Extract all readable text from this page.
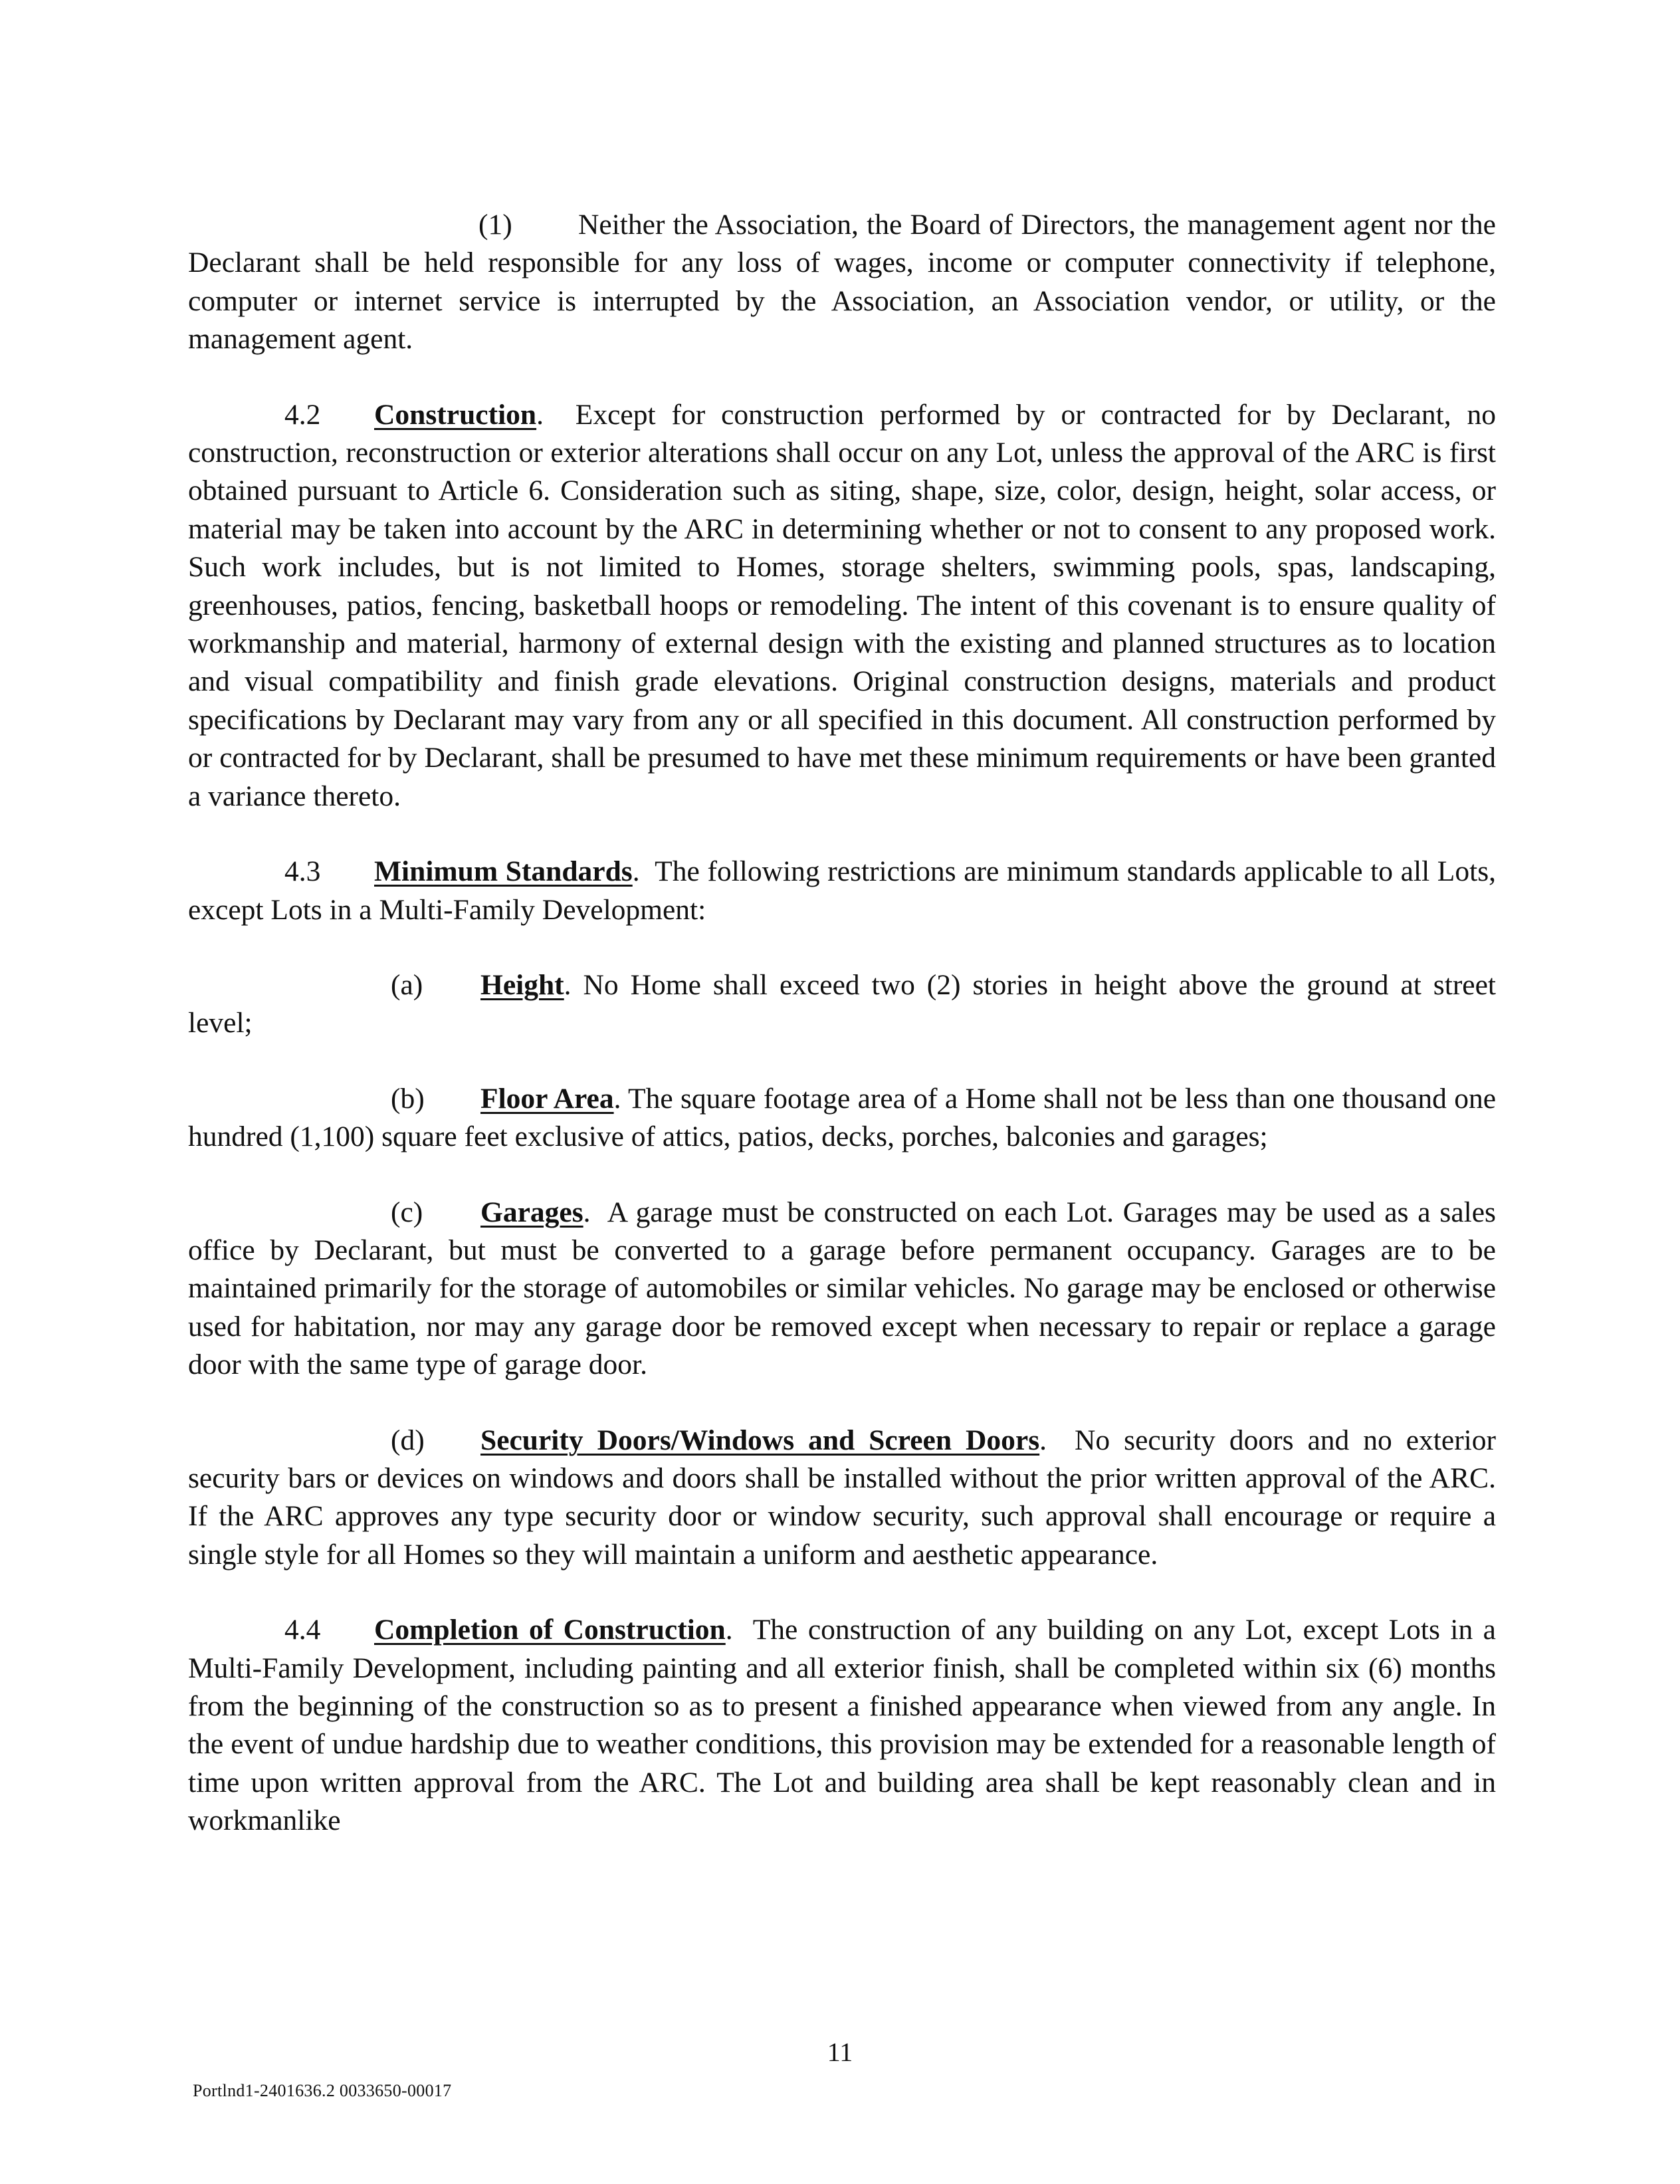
(1) Neither the Association, the Board of Directors, the management agent nor the Declarant shall be held responsible for any loss of wages, income or computer connectivity if telephone, computer or internet service is interrupted by the Association, an Association vendor, or utility, or the management agent.

4.2 Construction. Except for construction performed by or contracted for by Declarant, no construction, reconstruction or exterior alterations shall occur on any Lot, unless the approval of the ARC is first obtained pursuant to Article 6. Consideration such as siting, shape, size, color, design, height, solar access, or material may be taken into account by the ARC in determining whether or not to consent to any proposed work. Such work includes, but is not limited to Homes, storage shelters, swimming pools, spas, landscaping, greenhouses, patios, fencing, basketball hoops or remodeling. The intent of this covenant is to ensure quality of workmanship and material, harmony of external design with the existing and planned structures as to location and visual compatibility and finish grade elevations. Original construction designs, materials and product specifications by Declarant may vary from any or all specified in this document. All construction performed by or contracted for by Declarant, shall be presumed to have met these minimum requirements or have been granted a variance thereto.

4.3 Minimum Standards. The following restrictions are minimum standards applicable to all Lots, except Lots in a Multi-Family Development:

(a) Height. No Home shall exceed two (2) stories in height above the ground at street level;

(b) Floor Area. The square footage area of a Home shall not be less than one thousand one hundred (1,100) square feet exclusive of attics, patios, decks, porches, balconies and garages;

(c) Garages. A garage must be constructed on each Lot. Garages may be used as a sales office by Declarant, but must be converted to a garage before permanent occupancy. Garages are to be maintained primarily for the storage of automobiles or similar vehicles. No garage may be enclosed or otherwise used for habitation, nor may any garage door be removed except when necessary to repair or replace a garage door with the same type of garage door.

(d) Security Doors/Windows and Screen Doors. No security doors and no exterior security bars or devices on windows and doors shall be installed without the prior written approval of the ARC. If the ARC approves any type security door or window security, such approval shall encourage or require a single style for all Homes so they will maintain a uniform and aesthetic appearance.

4.4 Completion of Construction. The construction of any building on any Lot, except Lots in a Multi-Family Development, including painting and all exterior finish, shall be completed within six (6) months from the beginning of the construction so as to present a finished appearance when viewed from any angle. In the event of undue hardship due to weather conditions, this provision may be extended for a reasonable length of time upon written approval from the ARC. The Lot and building area shall be kept reasonably clean and in workmanlike

11
Portlnd1-2401636.2 0033650-00017
